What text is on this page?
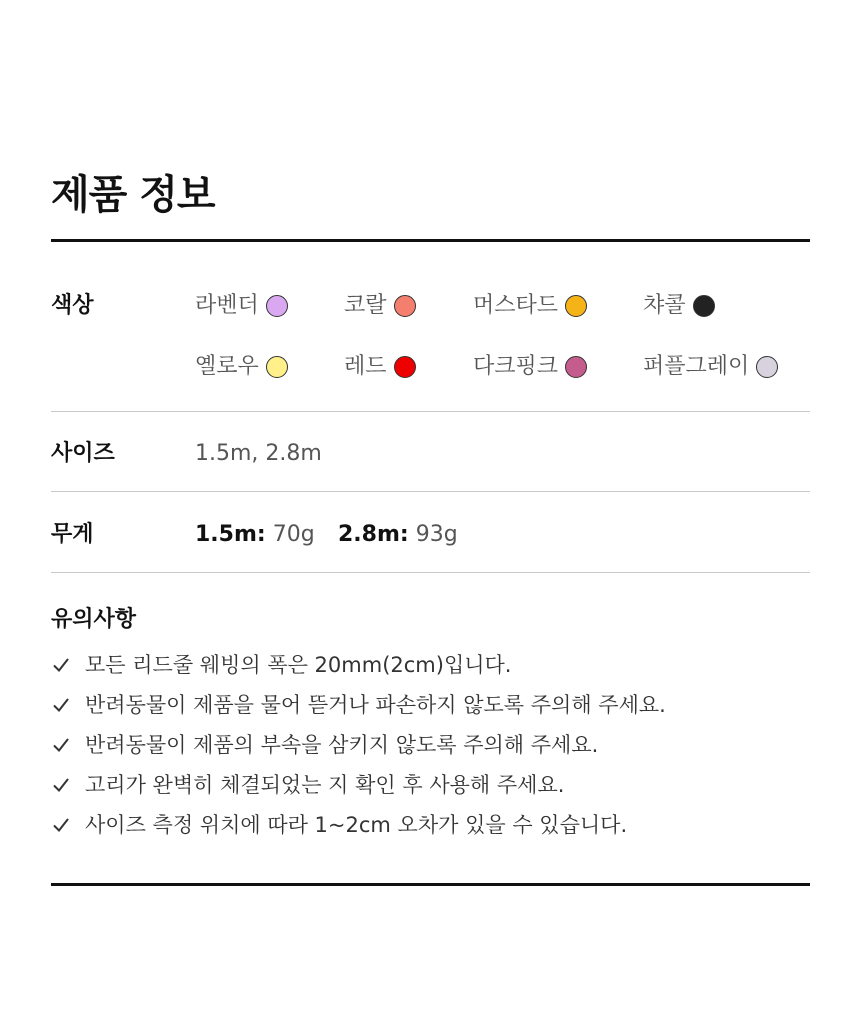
제품 정보
색상	라벤더	코랄	머스타드	챠콜
옐로우	레드	다크핑크	퍼플그레이
사이즈	1.5m, 2.8m
무게	1.5m: 70g 2.8m: 93g
유의사항
모든 리드줄 웨빙의 폭은 20mm(2cm)입니다.
반려동물이 제품을 물어 뜯거나 파손하지 않도록 주의해 주세요.
반려동물이 제품의 부속을 삼키지 않도록 주의해 주세요.
고리가 완벽히 체결되었는 지 확인 후 사용해 주세요.
사이즈 측정 위치에 따라 1~2cm 오차가 있을 수 있습니다.
